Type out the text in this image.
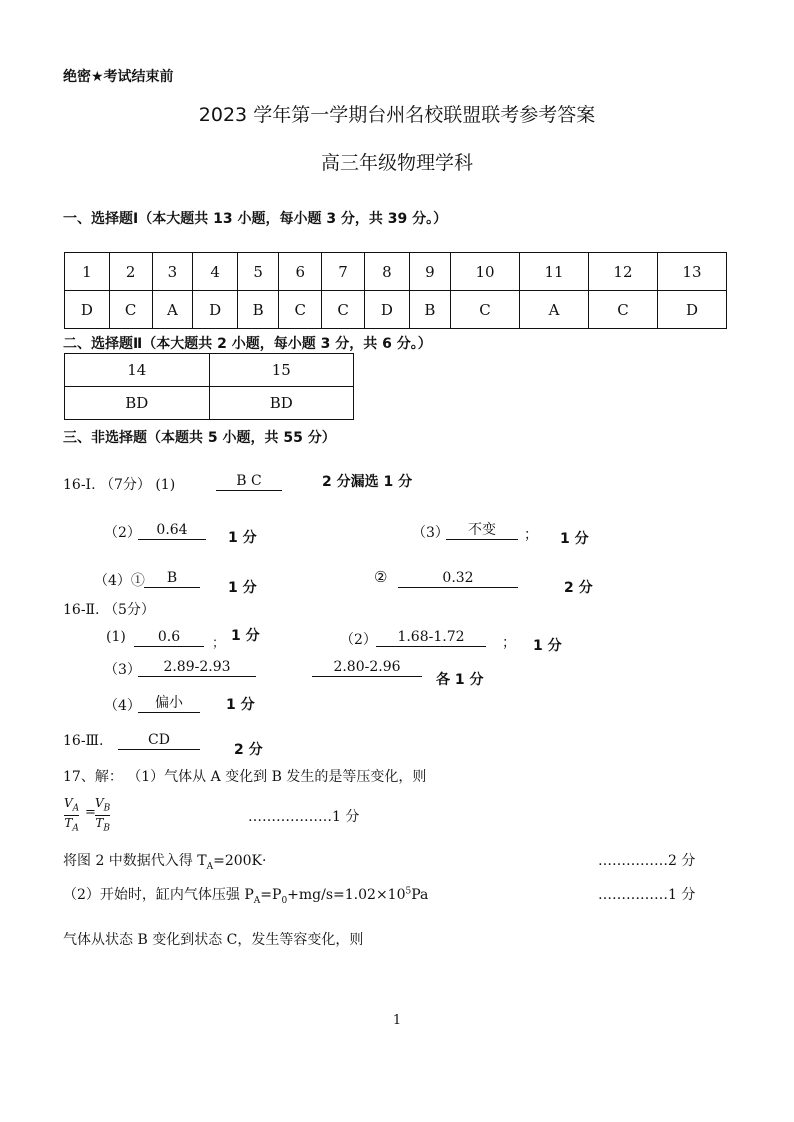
绝密★考试结束前
2023 学年第一学期台州名校联盟联考参考答案
高三年级物理学科
一、选择题Ⅰ（本大题共 13 小题，每小题 3 分，共 39 分。）
1	2	3	4	5	6	7	8	9	10	11	12	13
D	C	A	D	B	C	C	D	B	C	A	C	D
二、选择题Ⅱ（本大题共 2 小题，每小题 3 分，共 6 分。）
14	15
BD	BD
三、非选择题（本题共 5 小题，共 55 分）
16-Ⅰ. （7分） (1)	B C	2 分漏选 1 分
（2）	0.64	1 分	（3）	不变	； 1 分
（4）①	B
1 分
②	0.32
2 分
16-Ⅱ. （5分）
(1)	0.6	； 1 分	（2）	1.68-1.72	； 1 分
（3）	2.89-2.93	2.80-2.96
各 1 分
（4）	偏小	1 分
16-Ⅲ.	CD
2 分
17、解： （1）气体从 A 变化到 B 发生的是等压变化，则
$V_A$
$T_A$
=
$V_B$
$T_B$
………………1 分
将图 2 中数据代入得 $T_A=200K\cdot$	……………2 分
（2）开始时，缸内气体压强 $P_A=P_0+mg/s=1.02\times 10^5Pa$	……………1 分
气体从状态 B 变化到状态 C，发生等容变化，则
1
